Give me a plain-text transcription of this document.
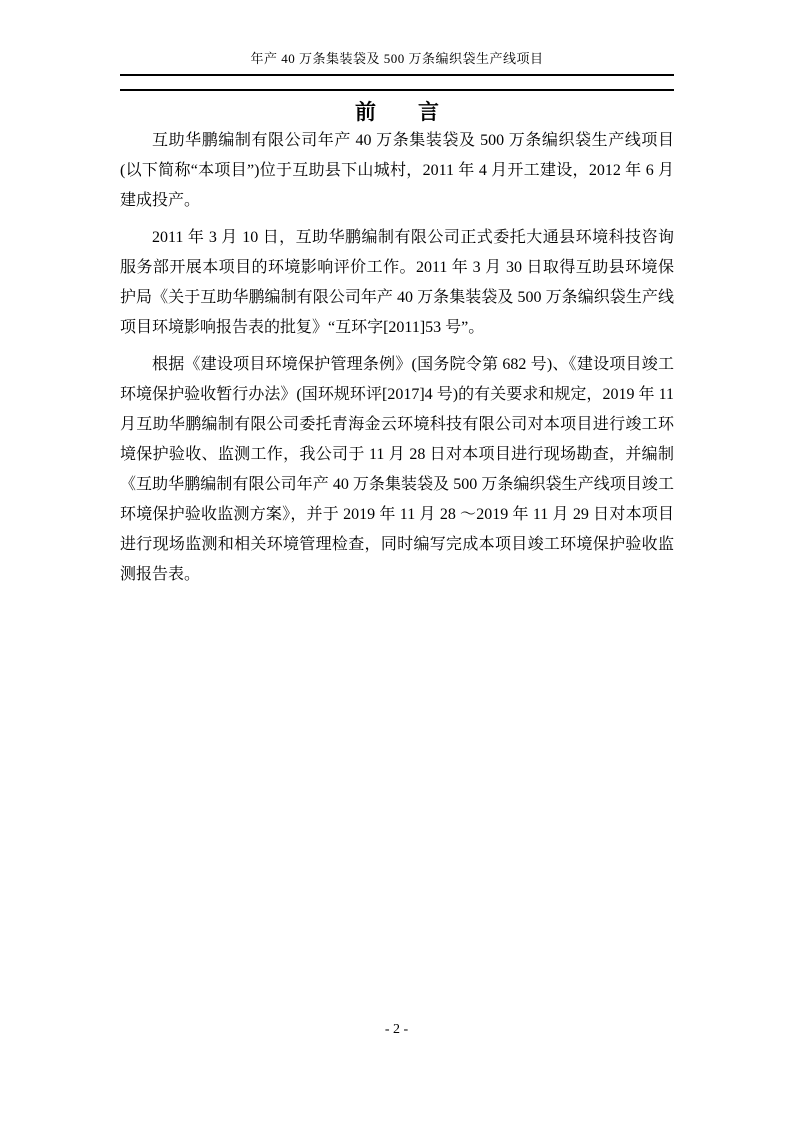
年产 40 万条集装袋及 500 万条编织袋生产线项目
前　　言

互助华鹏编制有限公司年产 40 万条集装袋及 500 万条编织袋生产线项目(以下简称“本项目”)位于互助县下山城村，2011 年 4 月开工建设，2012 年 6 月建成投产。

2011 年 3 月 10 日，互助华鹏编制有限公司正式委托大通县环境科技咨询服务部开展本项目的环境影响评价工作。2011 年 3 月 30 日取得互助县环境保护局《关于互助华鹏编制有限公司年产 40 万条集装袋及 500 万条编织袋生产线项目环境影响报告表的批复》“互环字[2011]53 号”。

根据《建设项目环境保护管理条例》(国务院令第 682 号)、《建设项目竣工环境保护验收暂行办法》(国环规环评[2017]4 号)的有关要求和规定，2019 年 11 月互助华鹏编制有限公司委托青海金云环境科技有限公司对本项目进行竣工环境保护验收、监测工作，我公司于 11 月 28 日对本项目进行现场勘查，并编制《互助华鹏编制有限公司年产 40 万条集装袋及 500 万条编织袋生产线项目竣工环境保护验收监测方案》，并于 2019 年 11 月 28 ～2019 年 11 月 29 日对本项目进行现场监测和相关环境管理检查，同时编写完成本项目竣工环境保护验收监测报告表。

- 2 -
